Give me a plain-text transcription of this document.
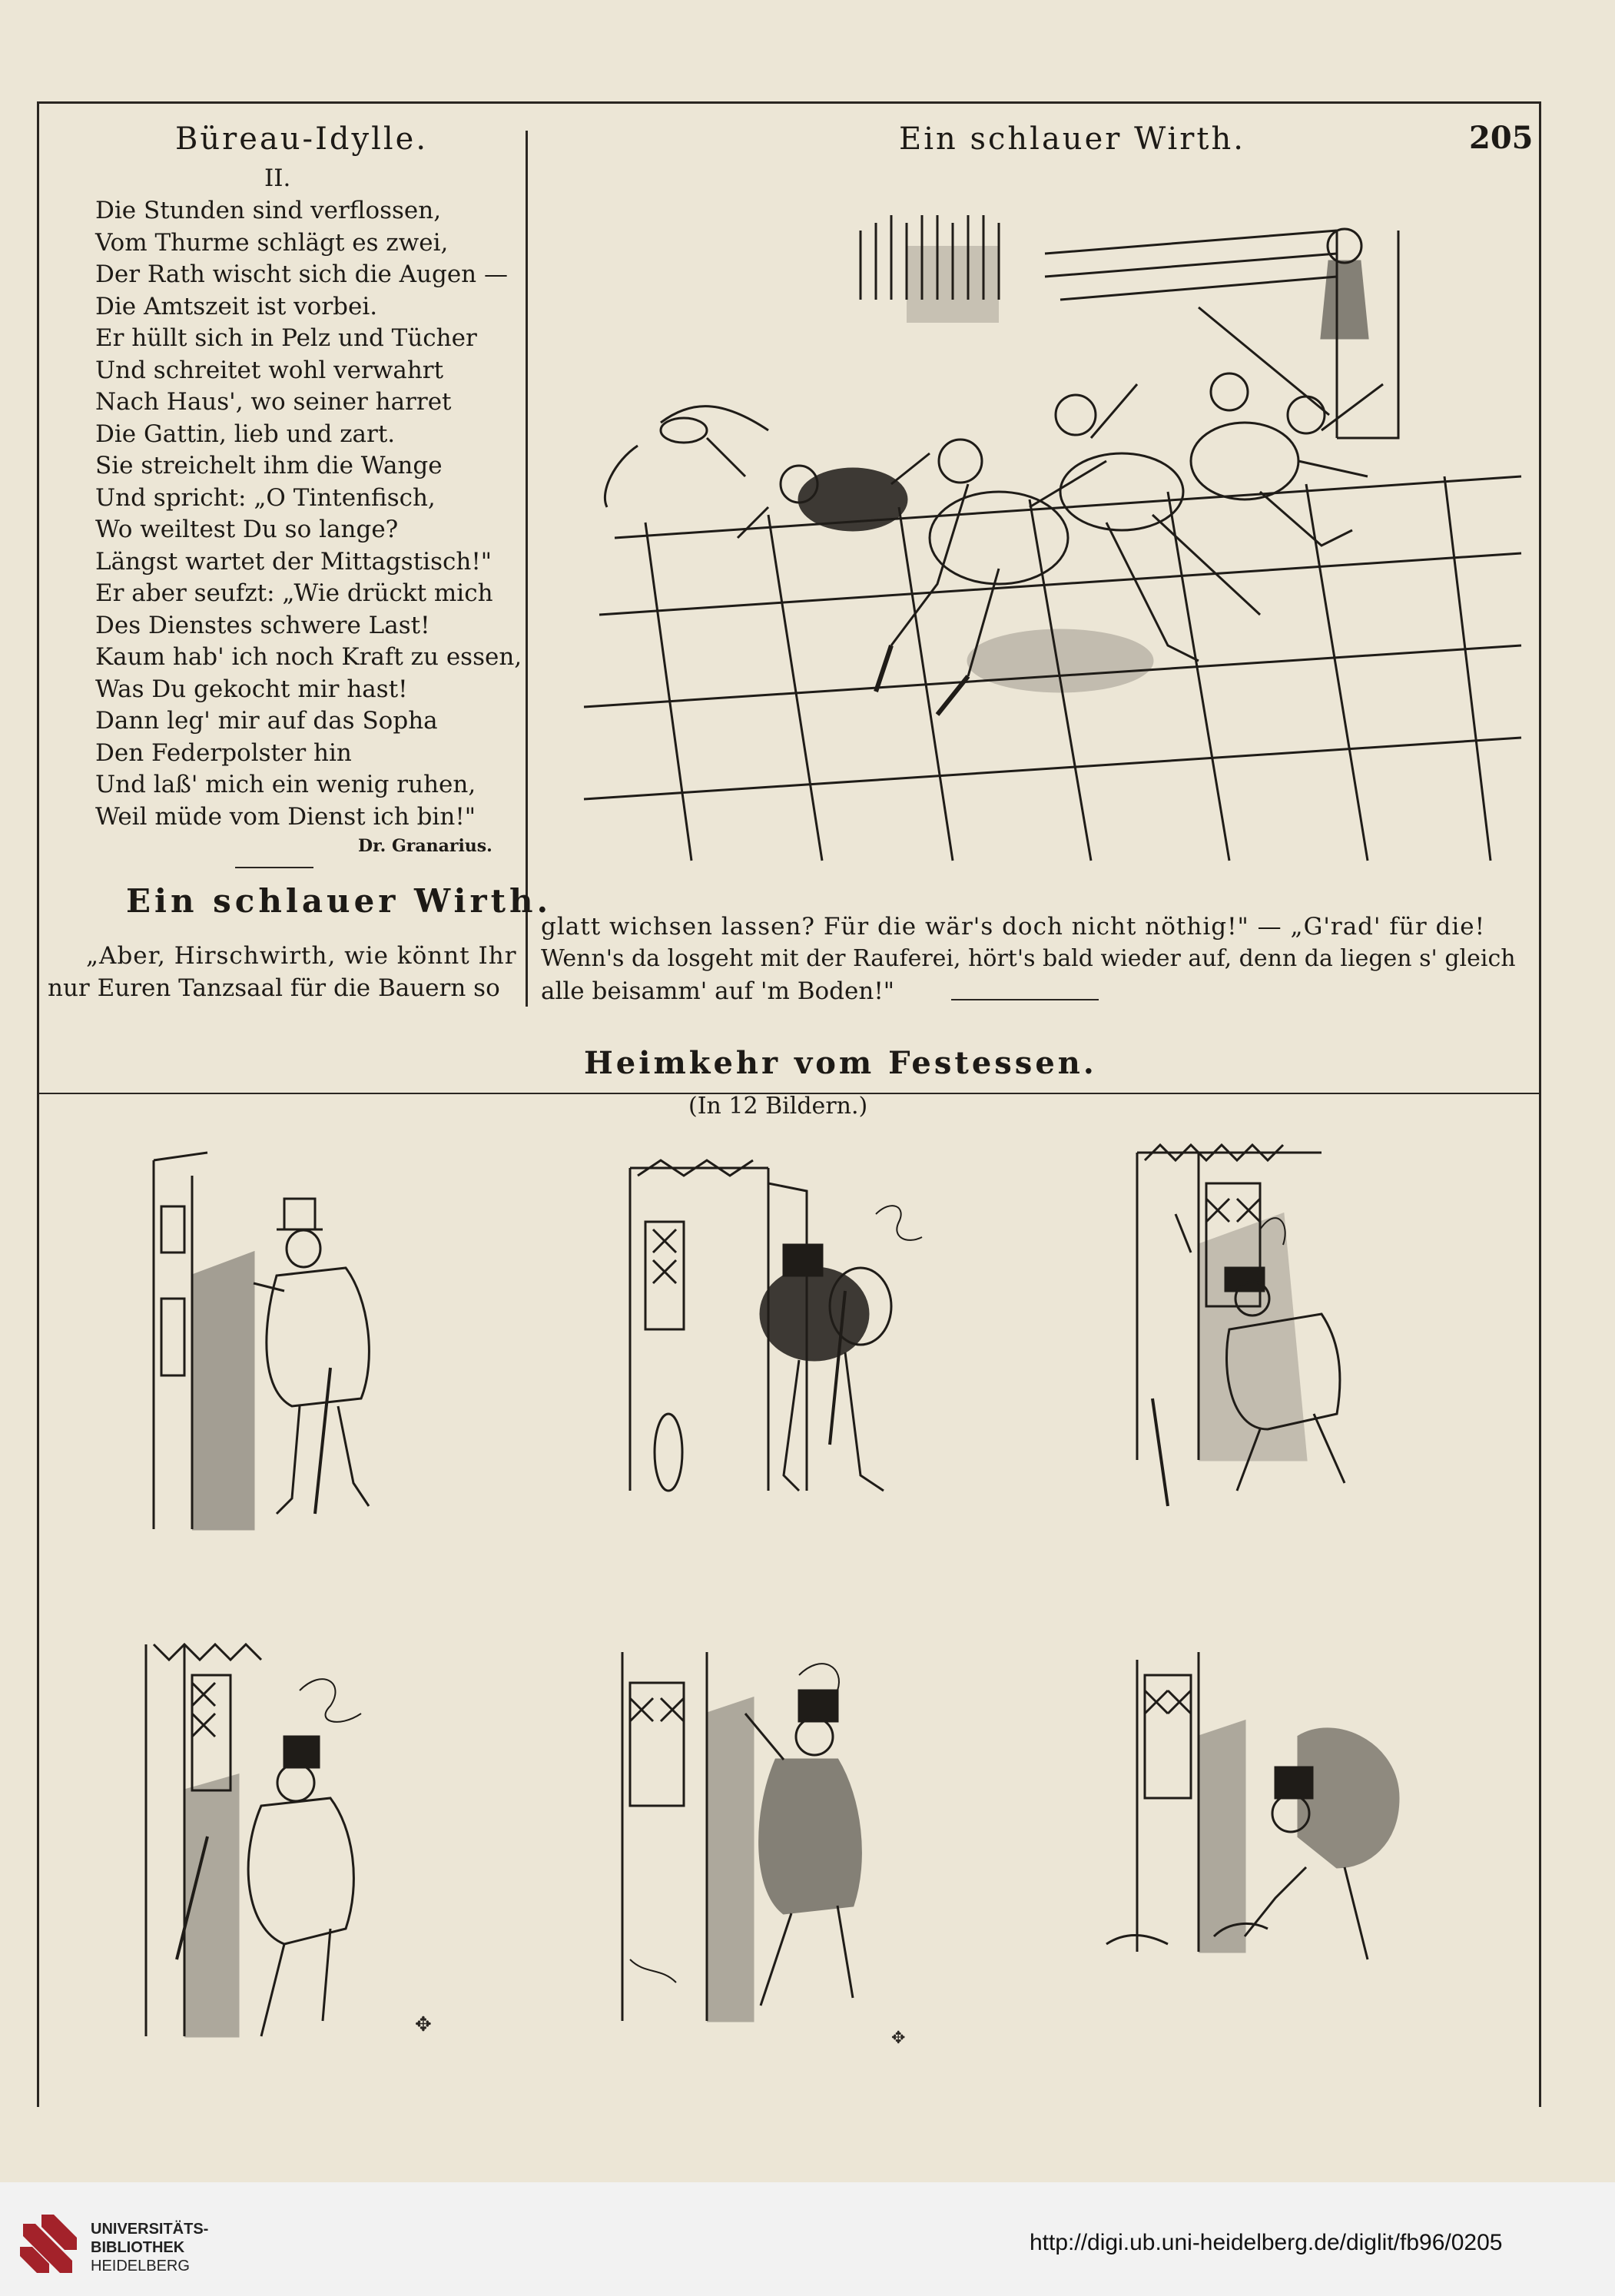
Büreau-Idylle.	Ein schlauer Wirth.	205
II.
Die Stunden sind verflossen,
Vom Thurme schlägt es zwei,
Der Rath wischt sich die Augen —
Die Amtszeit ist vorbei.
Er hüllt sich in Pelz und Tücher
Und schreitet wohl verwahrt
Nach Haus', wo seiner harret
Die Gattin, lieb und zart.
Sie streichelt ihm die Wange
Und spricht: „O Tintenfisch,
Wo weiltest Du so lange?
Längst wartet der Mittagstisch!"
Er aber seufzt: „Wie drückt mich
Des Dienstes schwere Last!
Kaum hab' ich noch Kraft zu essen,
Was Du gekocht mir hast!
Dann leg' mir auf das Sopha
Den Federpolster hin
Und laß' mich ein wenig ruhen,
Weil müde vom Dienst ich bin!"
Dr. Granarius.
Ein schlauer Wirth.
„Aber, Hirschwirth, wie könnt Ihr
nur Euren Tanzsaal für die Bauern so
glatt wichsen lassen? Für die wär's doch nicht nöthig!" — „G'rad' für die!
Wenn's da losgeht mit der Rauferei, hört's bald wieder auf, denn da liegen s' gleich
alle beisamm' auf 'm Boden!"
Heimkehr vom Festessen.
(In 12 Bildern.)
✥
✥
UNIVERSITÄTS-
BIBLIOTHEK
HEIDELBERG
http://digi.ub.uni-heidelberg.de/diglit/fb96/0205
